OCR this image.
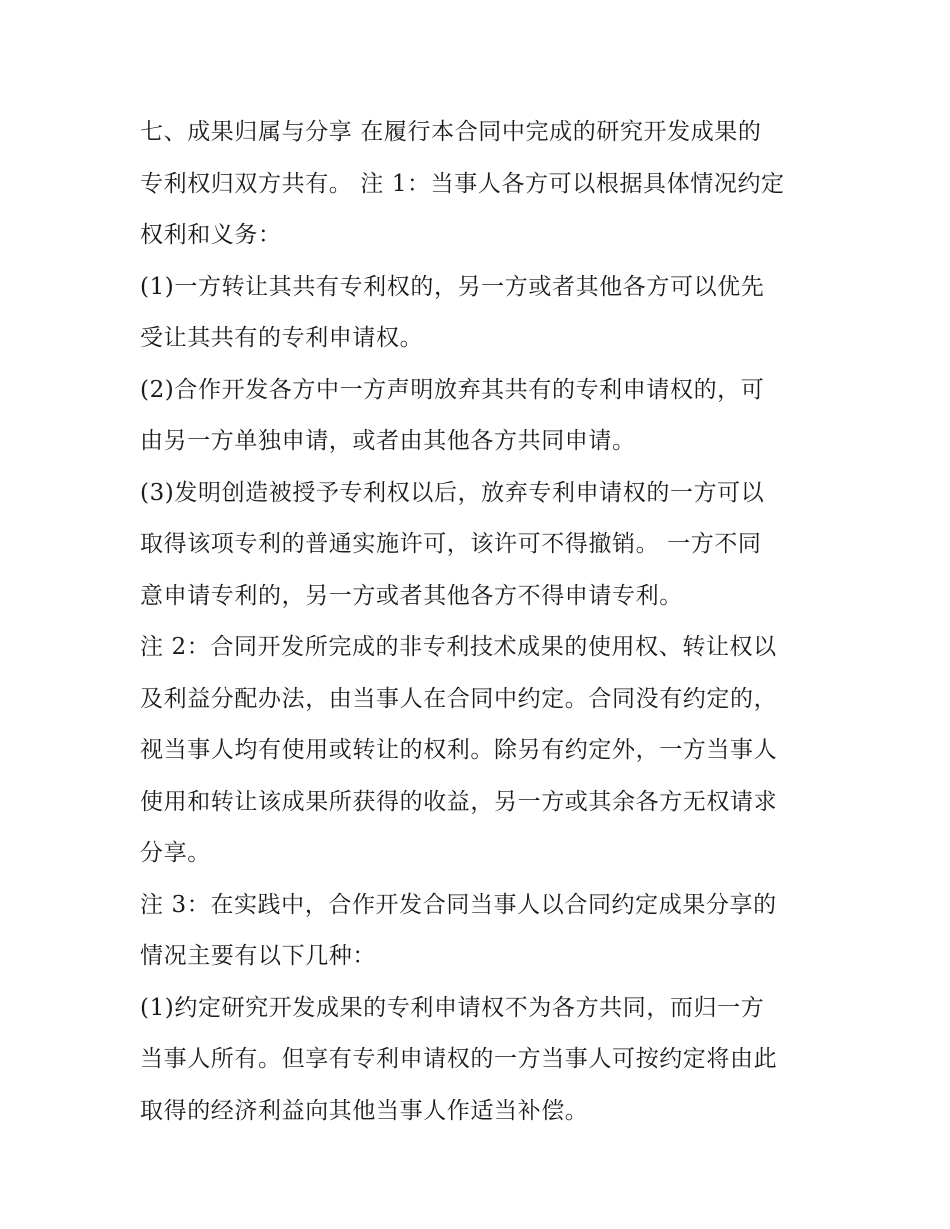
七、成果归属与分享 在履行本合同中完成的研究开发成果的
专利权归双方共有。 注 1：当事人各方可以根据具体情况约定
权利和义务：
(1)一方转让其共有专利权的，另一方或者其他各方可以优先
受让其共有的专利申请权。
(2)合作开发各方中一方声明放弃其共有的专利申请权的，可
由另一方单独申请，或者由其他各方共同申请。
(3)发明创造被授予专利权以后，放弃专利申请权的一方可以
取得该项专利的普通实施许可，该许可不得撤销。 一方不同
意申请专利的，另一方或者其他各方不得申请专利。
注 2：合同开发所完成的非专利技术成果的使用权、转让权以
及利益分配办法，由当事人在合同中约定。合同没有约定的，
视当事人均有使用或转让的权利。除另有约定外，一方当事人
使用和转让该成果所获得的收益，另一方或其余各方无权请求
分享。
注 3：在实践中，合作开发合同当事人以合同约定成果分享的
情况主要有以下几种：
(1)约定研究开发成果的专利申请权不为各方共同，而归一方
当事人所有。但享有专利申请权的一方当事人可按约定将由此
取得的经济利益向其他当事人作适当补偿。
